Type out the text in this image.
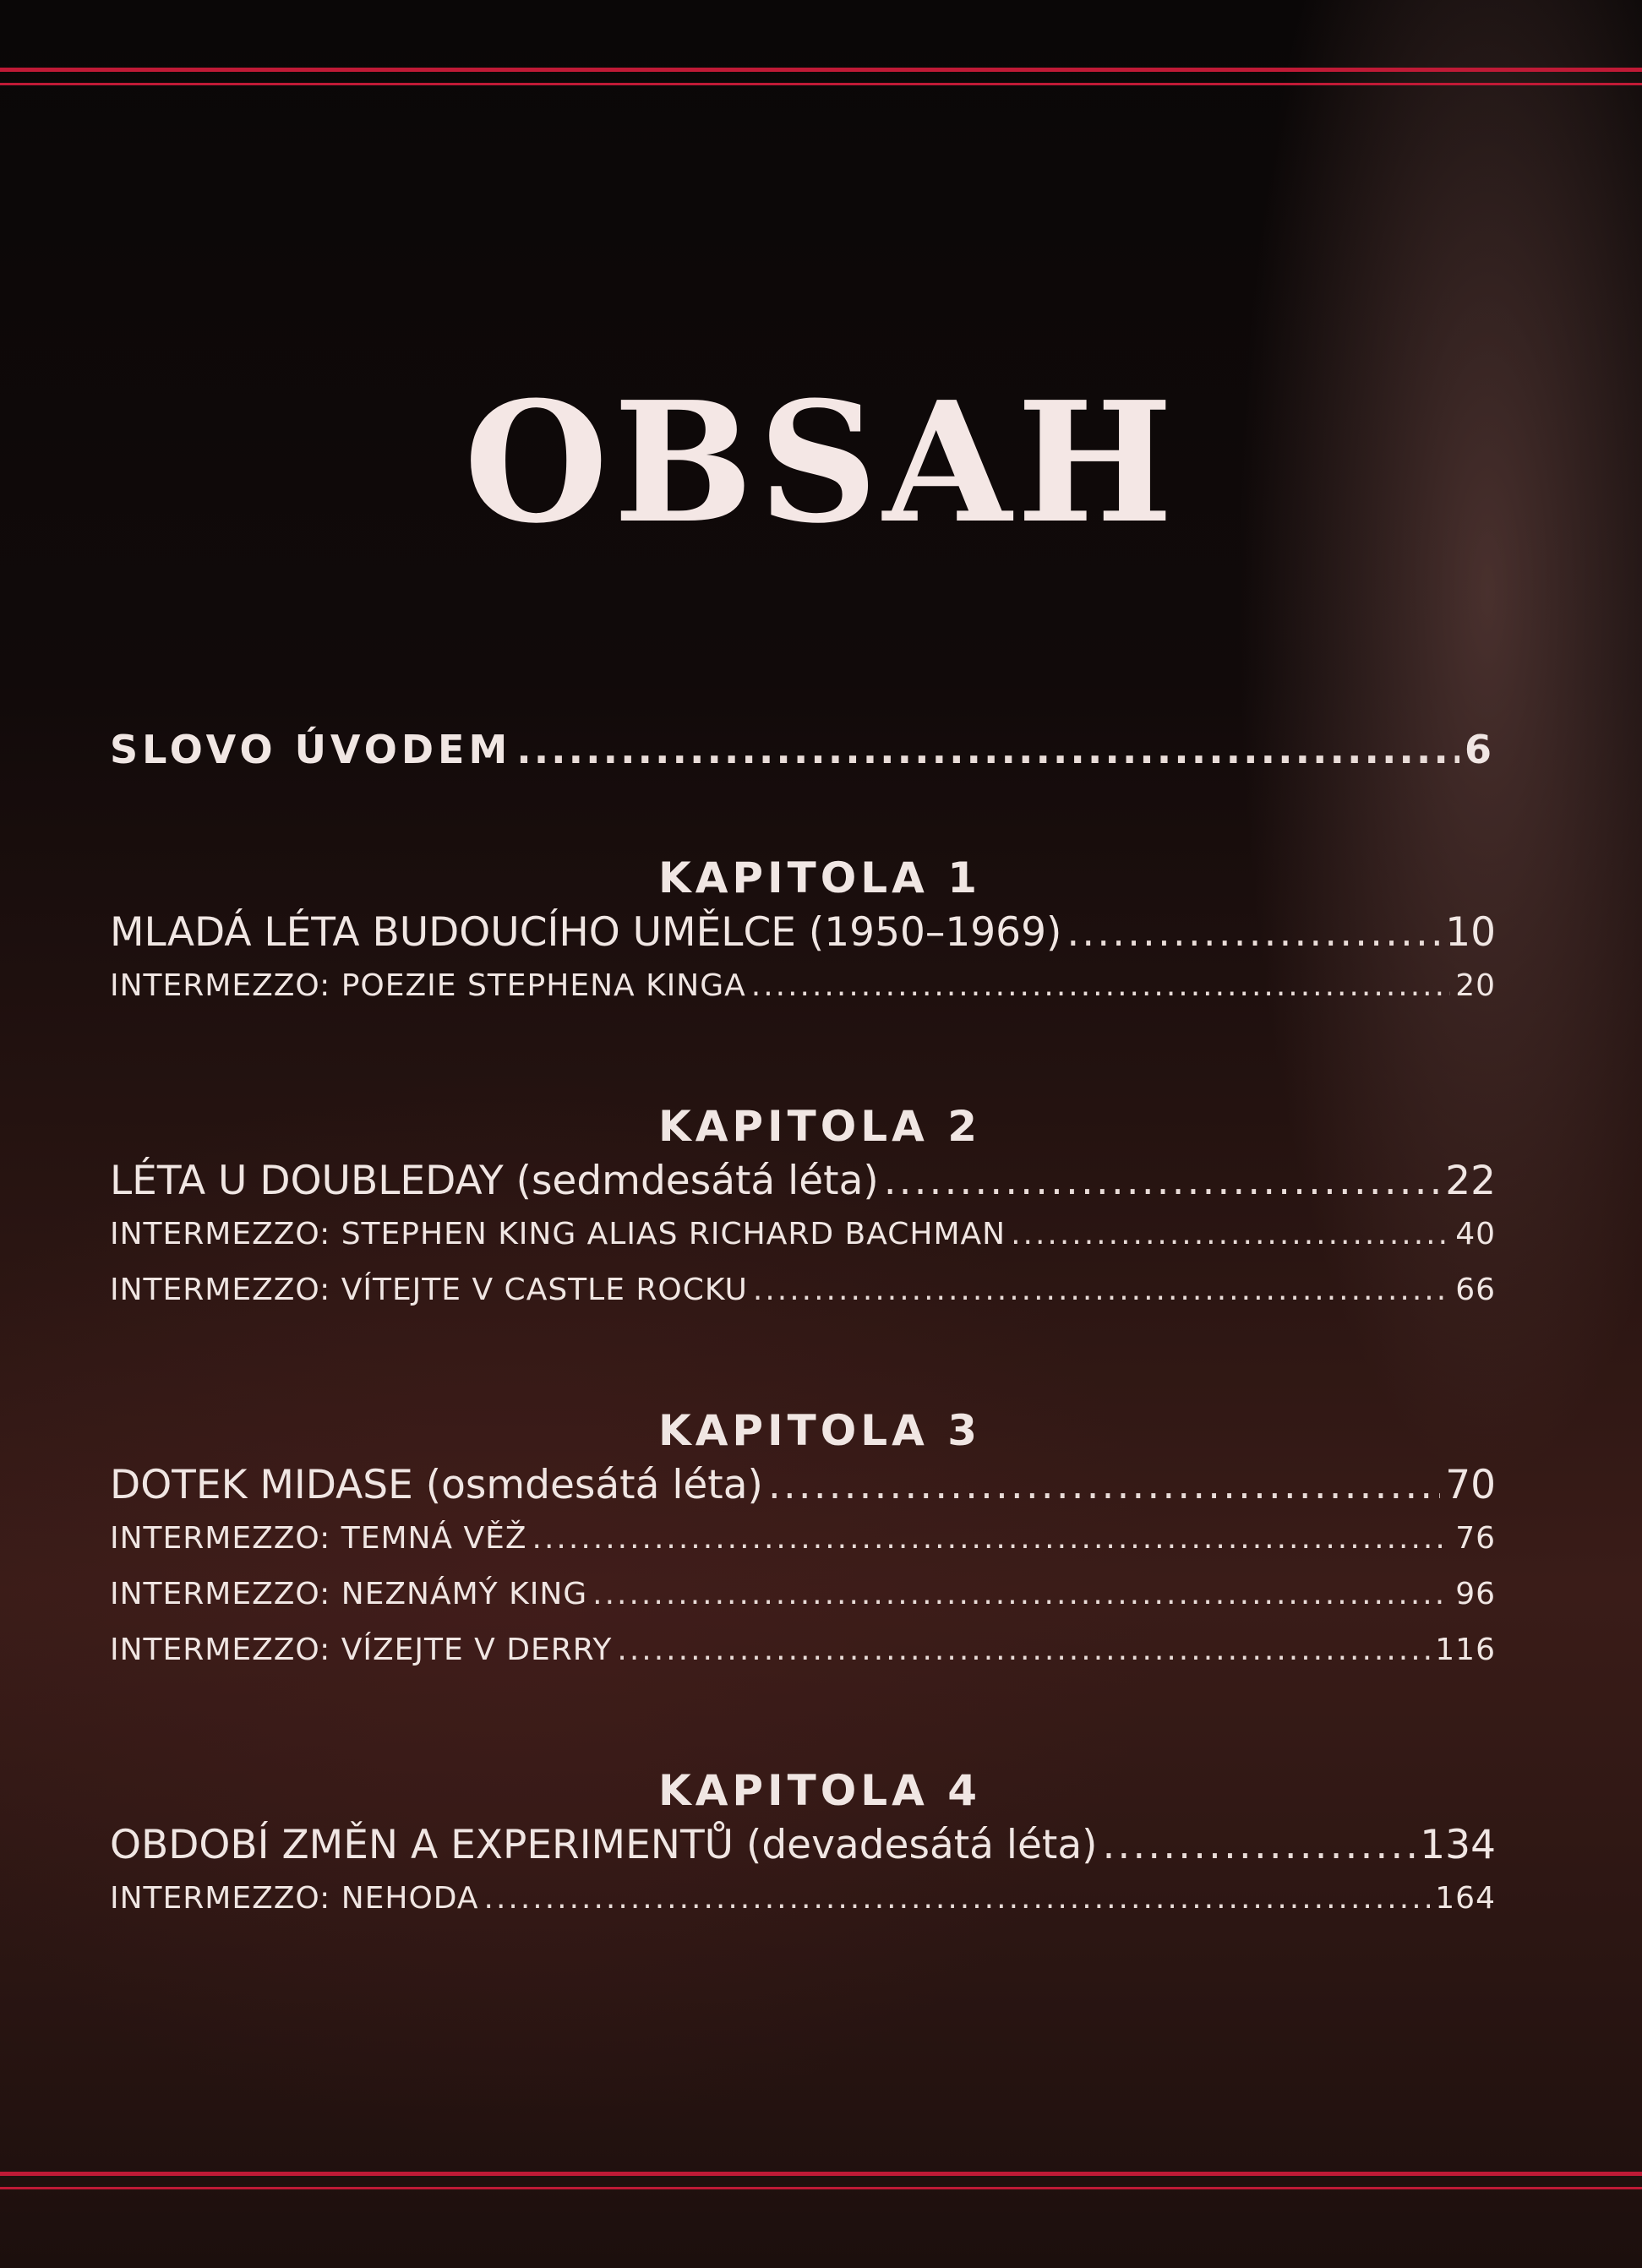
OBSAH
SLOVO ÚVODEM .....	6
KAPITOLA 1
MLADÁ LÉTA BUDOUCÍHO UMĚLCE (1950–1969) .....	10
INTERMEZZO: POEZIE STEPHENA KINGA .....	20
KAPITOLA 2
LÉTA U DOUBLEDAY (sedmdesátá léta) .....	22
INTERMEZZO: STEPHEN KING ALIAS RICHARD BACHMAN .....	40
INTERMEZZO: VÍTEJTE V CASTLE ROCKU .....	66
KAPITOLA 3
DOTEK MIDASE (osmdesátá léta) .....	70
INTERMEZZO: TEMNÁ VĚŽ .....	76
INTERMEZZO: NEZNÁMÝ KING .....	96
INTERMEZZO: VÍZEJTE V DERRY .....	116
KAPITOLA 4
OBDOBÍ ZMĚN A EXPERIMENTŮ (devadesátá léta) .....	134
INTERMEZZO: NEHODA .....	164
